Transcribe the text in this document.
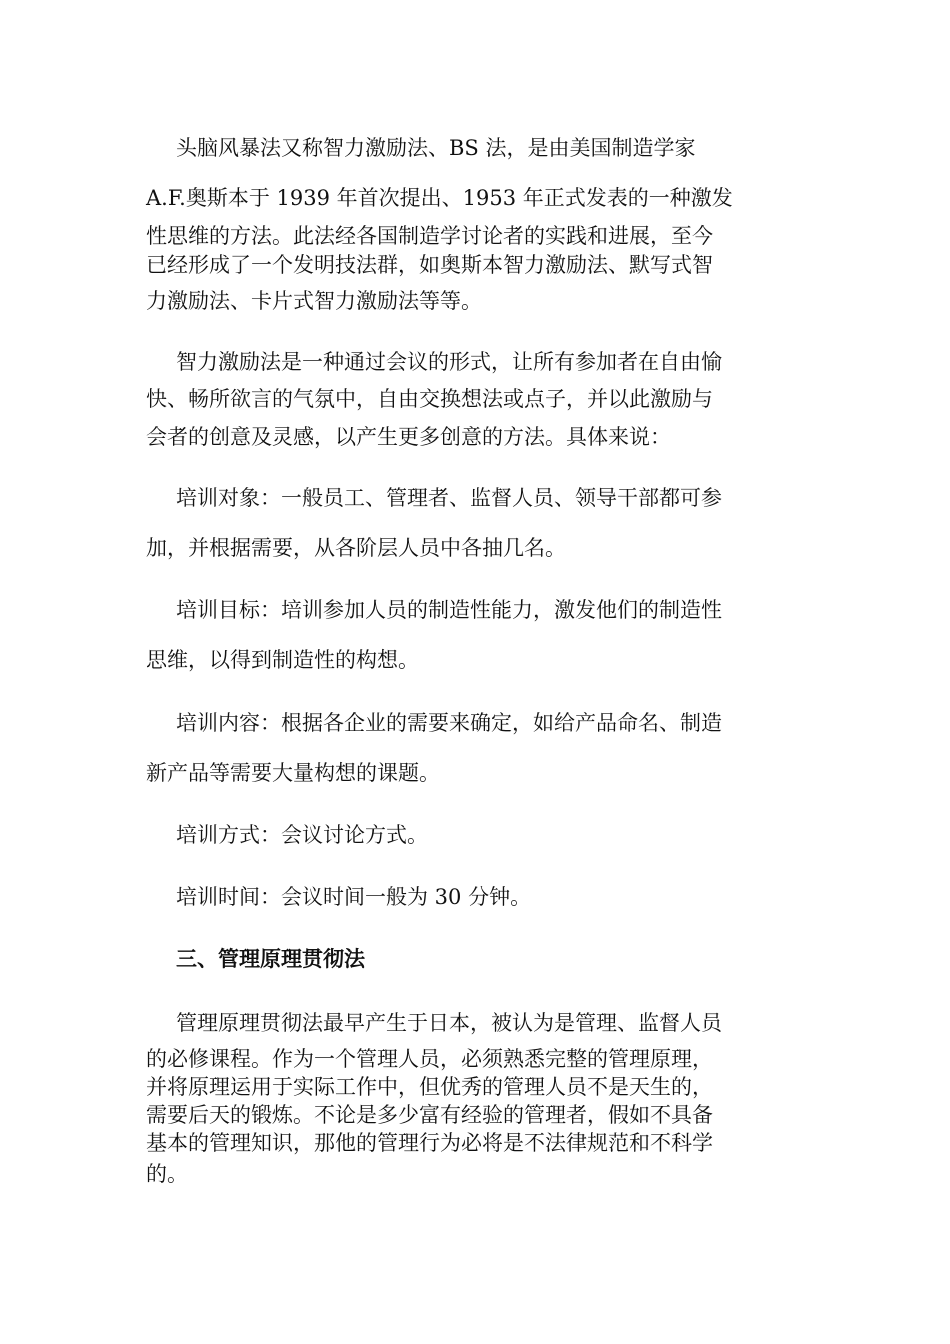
头脑风暴法又称智力激励法、BS 法，是由美国制造学家
A.F.奥斯本于 1939 年首次提出、1953 年正式发表的一种激发
性思维的方法。此法经各国制造学讨论者的实践和进展，至今
已经形成了一个发明技法群，如奥斯本智力激励法、默写式智
力激励法、卡片式智力激励法等等。
智力激励法是一种通过会议的形式，让所有参加者在自由愉
快、畅所欲言的气氛中，自由交换想法或点子，并以此激励与
会者的创意及灵感，以产生更多创意的方法。具体来说：
培训对象：一般员工、管理者、监督人员、领导干部都可参
加，并根据需要，从各阶层人员中各抽几名。
培训目标：培训参加人员的制造性能力，激发他们的制造性
思维，以得到制造性的构想。
培训内容：根据各企业的需要来确定，如给产品命名、制造
新产品等需要大量构想的课题。
培训方式：会议讨论方式。
培训时间：会议时间一般为 30 分钟。
三、管理原理贯彻法
管理原理贯彻法最早产生于日本，被认为是管理、监督人员
的必修课程。作为一个管理人员，必须熟悉完整的管理原理，
并将原理运用于实际工作中，但优秀的管理人员不是天生的，
需要后天的锻炼。不论是多少富有经验的管理者，假如不具备
基本的管理知识，那他的管理行为必将是不法律规范和不科学
的。
